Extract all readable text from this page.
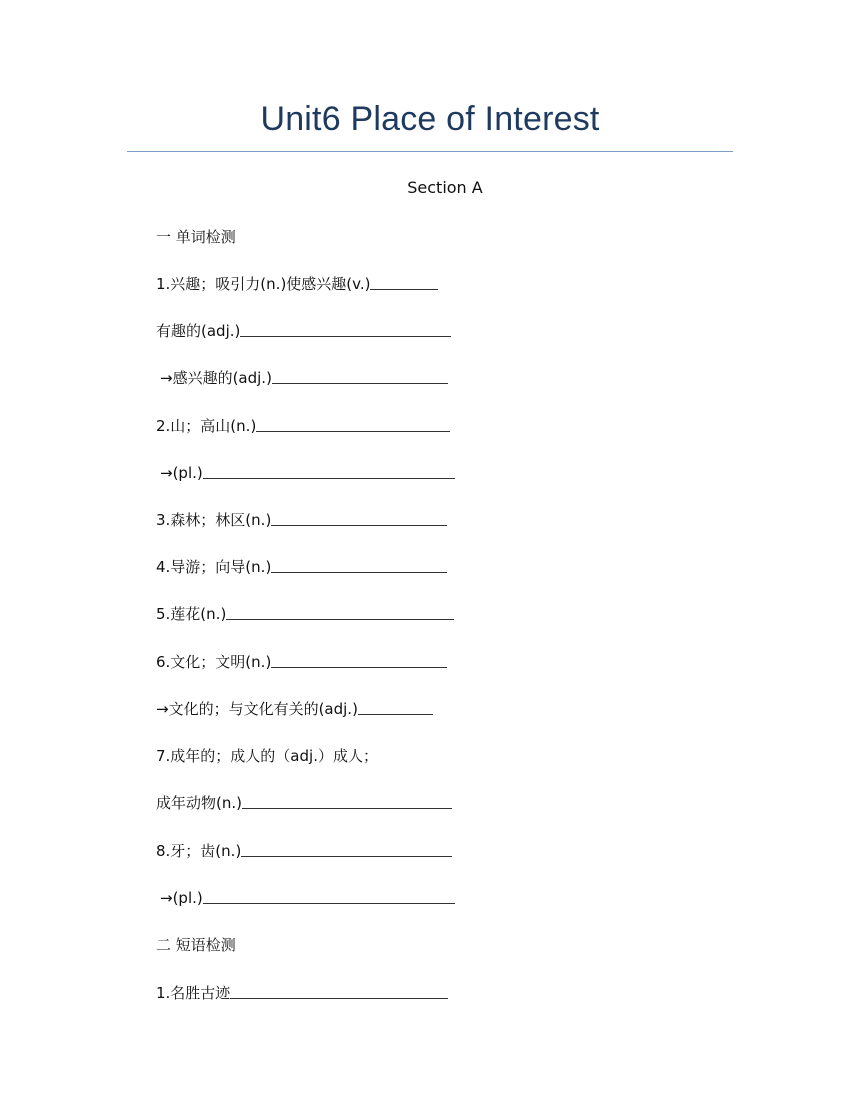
Unit6 Place of Interest
Section A
一 单词检测
1.兴趣；吸引力(n.)使感兴趣(v.)
有趣的(adj.)
→感兴趣的(adj.)
2.山；高山(n.)
→(pl.)
3.森林；林区(n.)
4.导游；向导(n.)
5.莲花(n.)
6.文化；文明(n.)
→文化的；与文化有关的(adj.)
7.成年的；成人的（adj.）成人；
成年动物(n.)
8.牙；齿(n.)
→(pl.)
二 短语检测
1.名胜古迹
